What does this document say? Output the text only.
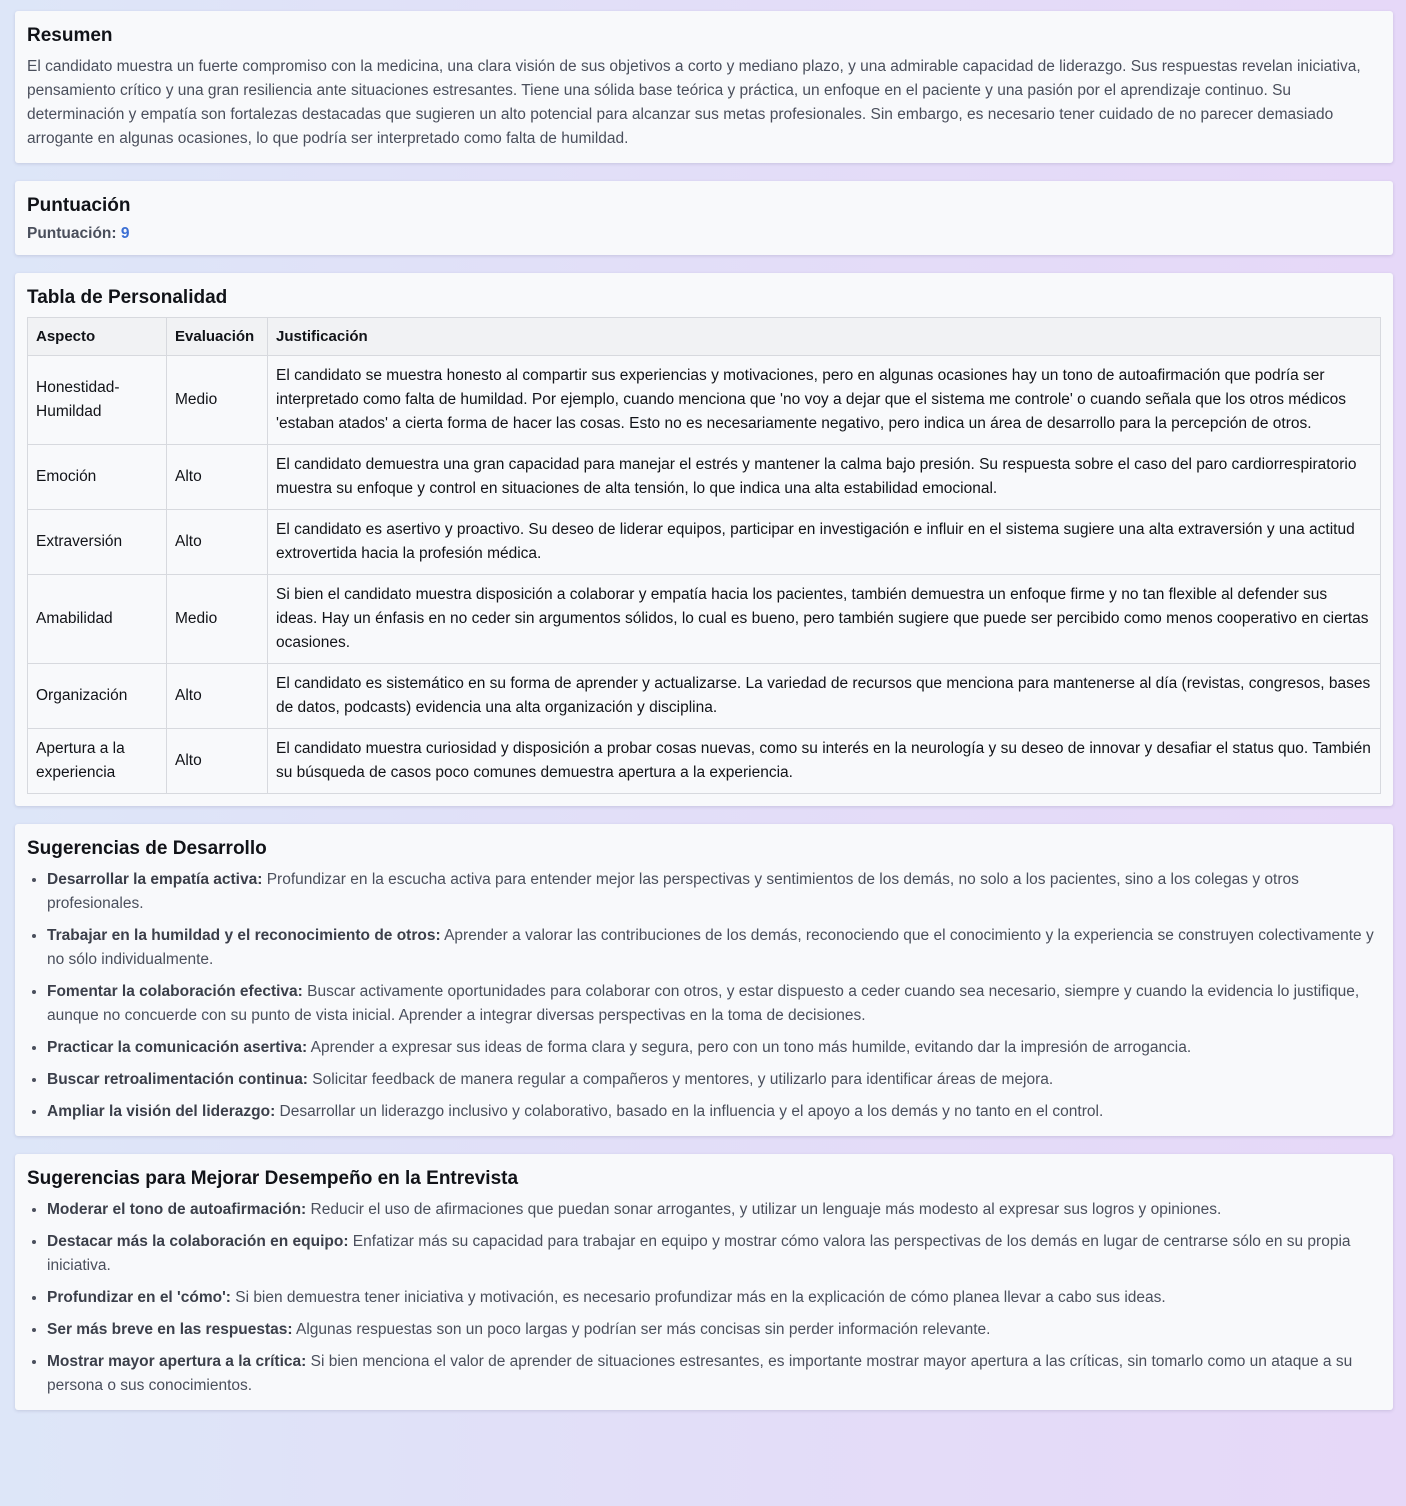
Resumen

El candidato muestra un fuerte compromiso con la medicina, una clara visión de sus objetivos a corto y mediano plazo, y una admirable capacidad de liderazgo. Sus respuestas revelan iniciativa, pensamiento crítico y una gran resiliencia ante situaciones estresantes. Tiene una sólida base teórica y práctica, un enfoque en el paciente y una pasión por el aprendizaje continuo. Su determinación y empatía son fortalezas destacadas que sugieren un alto potencial para alcanzar sus metas profesionales. Sin embargo, es necesario tener cuidado de no parecer demasiado arrogante en algunas ocasiones, lo que podría ser interpretado como falta de humildad.

Puntuación

Puntuación: 9

Tabla de Personalidad
Aspecto	Evaluación	Justificación
Honestidad-Humildad	Medio	El candidato se muestra honesto al compartir sus experiencias y motivaciones, pero en algunas ocasiones hay un tono de autoafirmación que podría ser interpretado como falta de humildad. Por ejemplo, cuando menciona que 'no voy a dejar que el sistema me controle' o cuando señala que los otros médicos 'estaban atados' a cierta forma de hacer las cosas. Esto no es necesariamente negativo, pero indica un área de desarrollo para la percepción de otros.
Emoción	Alto	El candidato demuestra una gran capacidad para manejar el estrés y mantener la calma bajo presión. Su respuesta sobre el caso del paro cardiorrespiratorio muestra su enfoque y control en situaciones de alta tensión, lo que indica una alta estabilidad emocional.
Extraversión	Alto	El candidato es asertivo y proactivo. Su deseo de liderar equipos, participar en investigación e influir en el sistema sugiere una alta extraversión y una actitud extrovertida hacia la profesión médica.
Amabilidad	Medio	Si bien el candidato muestra disposición a colaborar y empatía hacia los pacientes, también demuestra un enfoque firme y no tan flexible al defender sus ideas. Hay un énfasis en no ceder sin argumentos sólidos, lo cual es bueno, pero también sugiere que puede ser percibido como menos cooperativo en ciertas ocasiones.
Organización	Alto	El candidato es sistemático en su forma de aprender y actualizarse. La variedad de recursos que menciona para mantenerse al día (revistas, congresos, bases de datos, podcasts) evidencia una alta organización y disciplina.
Apertura a la experiencia	Alto	El candidato muestra curiosidad y disposición a probar cosas nuevas, como su interés en la neurología y su deseo de innovar y desafiar el status quo. También su búsqueda de casos poco comunes demuestra apertura a la experiencia.
Sugerencias de Desarrollo
• Desarrollar la empatía activa: Profundizar en la escucha activa para entender mejor las perspectivas y sentimientos de los demás, no solo a los pacientes, sino a los colegas y otros profesionales.
• Trabajar en la humildad y el reconocimiento de otros: Aprender a valorar las contribuciones de los demás, reconociendo que el conocimiento y la experiencia se construyen colectivamente y no sólo individualmente.
• Fomentar la colaboración efectiva: Buscar activamente oportunidades para colaborar con otros, y estar dispuesto a ceder cuando sea necesario, siempre y cuando la evidencia lo justifique, aunque no concuerde con su punto de vista inicial. Aprender a integrar diversas perspectivas en la toma de decisiones.
• Practicar la comunicación asertiva: Aprender a expresar sus ideas de forma clara y segura, pero con un tono más humilde, evitando dar la impresión de arrogancia.
• Buscar retroalimentación continua: Solicitar feedback de manera regular a compañeros y mentores, y utilizarlo para identificar áreas de mejora.
• Ampliar la visión del liderazgo: Desarrollar un liderazgo inclusivo y colaborativo, basado en la influencia y el apoyo a los demás y no tanto en el control.
Sugerencias para Mejorar Desempeño en la Entrevista
• Moderar el tono de autoafirmación: Reducir el uso de afirmaciones que puedan sonar arrogantes, y utilizar un lenguaje más modesto al expresar sus logros y opiniones.
• Destacar más la colaboración en equipo: Enfatizar más su capacidad para trabajar en equipo y mostrar cómo valora las perspectivas de los demás en lugar de centrarse sólo en su propia iniciativa.
• Profundizar en el 'cómo': Si bien demuestra tener iniciativa y motivación, es necesario profundizar más en la explicación de cómo planea llevar a cabo sus ideas.
• Ser más breve en las respuestas: Algunas respuestas son un poco largas y podrían ser más concisas sin perder información relevante.
• Mostrar mayor apertura a la crítica: Si bien menciona el valor de aprender de situaciones estresantes, es importante mostrar mayor apertura a las críticas, sin tomarlo como un ataque a su persona o sus conocimientos.
